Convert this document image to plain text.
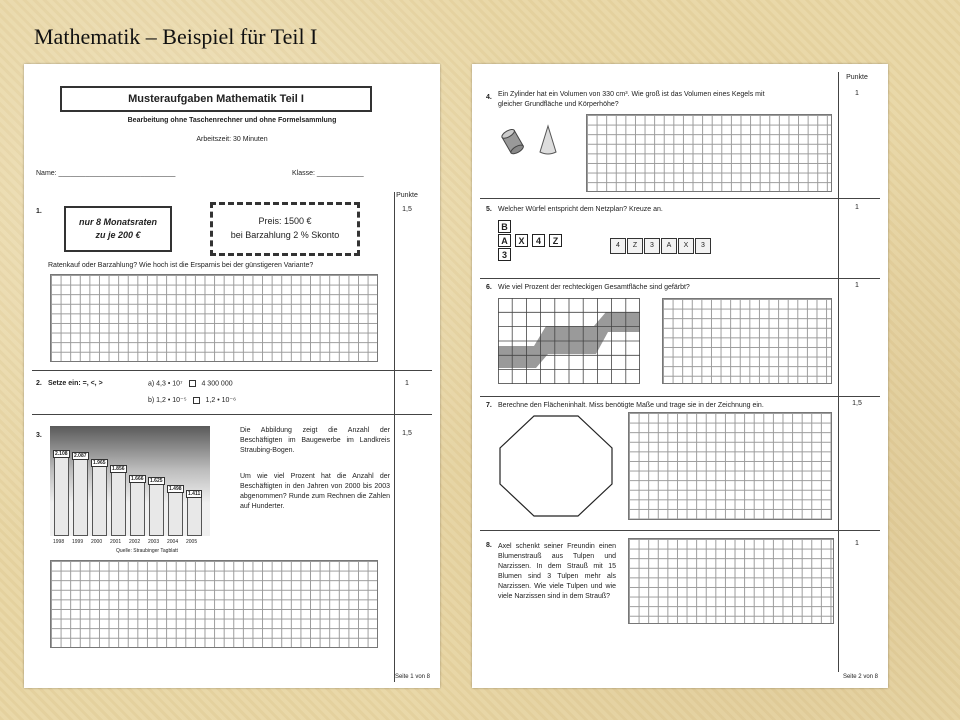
Mathematik – Beispiel für Teil I
Musteraufgaben Mathematik Teil I
Bearbeitung ohne Taschenrechner und ohne Formelsammlung
Arbeitszeit: 30 Minuten
Name: ______________________________	Klasse: ____________
Punkte
1.	1,5
nur 8 Monatsraten
zu je 200 €
Preis: 1500 €
bei Barzahlung 2 % Skonto
Ratenkauf oder Barzahlung? Wie hoch ist die Ersparnis bei der günstigeren Variante?
2. Setze ein: =, <, >	1
a) 4,3 • 10⁷	4 300 000
b) 1,2 • 10⁻⁵	1,2 • 10⁻⁶
3.	1,5
2.108	2.087
1.965
1.856
1.666	1.625
1.498
1.411
1998 1999 2000 2001 2002 2003 2004 2005
Quelle: Straubinger Tagblatt
Die Abbildung zeigt die Anzahl der Beschäftigten im Baugewerbe im Landkreis Straubing-Bogen.
Um wie viel Prozent hat die Anzahl der Beschäftigten in den Jahren von 2000 bis 2003 abgenommen? Runde zum Rechnen die Zahlen auf Hunderter.
Seite 1 von 8
Punkte
4.
1
Ein Zylinder hat ein Volumen von 330 cm³. Wie groß ist das Volumen eines Kegels mit
gleicher Grundfläche und Körperhöhe?
5. Welcher Würfel entspricht dem Netzplan? Kreuze an.	1
B
A	X	4	Z
3
4	Z	3	A	X	3
6. Wie viel Prozent der rechteckigen Gesamtfläche sind gefärbt?	1
7. Berechne den Flächeninhalt. Miss benötigte Maße und trage sie in der Zeichnung ein.	1,5
8. Axel schenkt seiner Freundin einen Blumenstrauß aus Tulpen und Narzissen. In dem Strauß mit 15 Blumen sind 3 Tulpen mehr als Narzissen. Wie viele Tulpen und wie viele Narzissen sind in dem Strauß?
1
Seite 2 von 8
